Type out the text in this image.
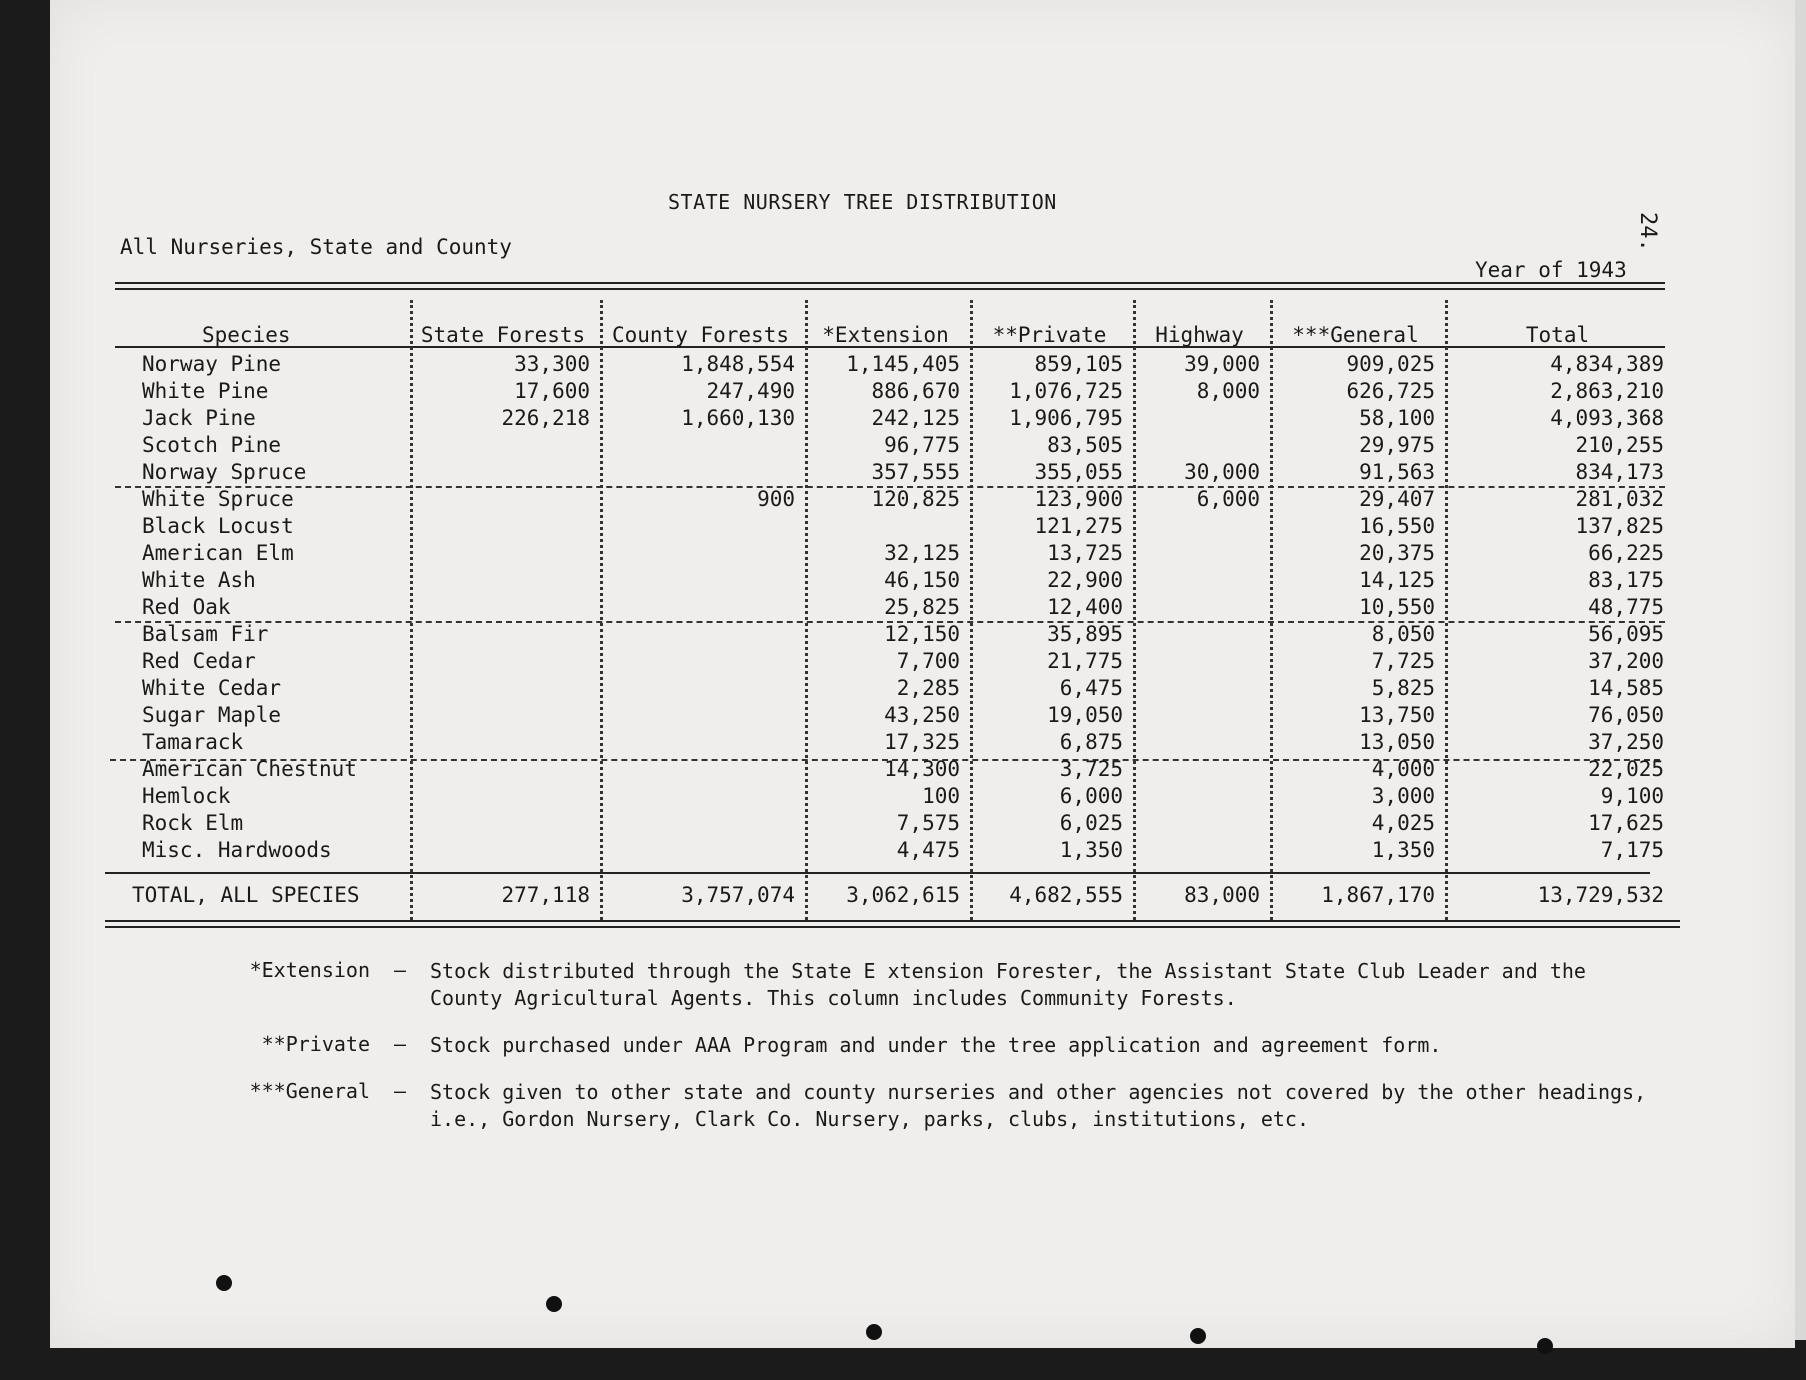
STATE NURSERY TREE DISTRIBUTION
All Nurseries, State and County
Year of 1943
24.
Species	State Forests	County Forests	*Extension	**Private	Highway	***General	Total
Norway Pine	33,300	1,848,554	1,145,405	859,105	39,000	909,025	4,834,389
White Pine	17,600	247,490	886,670	1,076,725	8,000	626,725	2,863,210
Jack Pine	226,218	1,660,130	242,125	1,906,795		58,100	4,093,368
Scotch Pine			96,775	83,505		29,975	210,255
Norway Spruce			357,555	355,055	30,000	91,563	834,173
White Spruce		900	120,825	123,900	6,000	29,407	281,032
Black Locust				121,275		16,550	137,825
American Elm			32,125	13,725		20,375	66,225
White Ash			46,150	22,900		14,125	83,175
Red Oak			25,825	12,400		10,550	48,775
Balsam Fir			12,150	35,895		8,050	56,095
Red Cedar			7,700	21,775		7,725	37,200
White Cedar			2,285	6,475		5,825	14,585
Sugar Maple			43,250	19,050		13,750	76,050
Tamarack			17,325	6,875		13,050	37,250
American Chestnut			14,300	3,725		4,000	22,025
Hemlock			100	6,000		3,000	9,100
Rock Elm			7,575	6,025		4,025	17,625
Misc. Hardwoods			4,475	1,350		1,350	7,175
TOTAL, ALL SPECIES	277,118	3,757,074	3,062,615	4,682,555	83,000	1,867,170	13,729,532
*Extension	–	Stock distributed through the State E xtension Forester, the Assistant State Club Leader and the County Agricultural Agents. This column includes Community Forests.
**Private	–	Stock purchased under AAA Program and under the tree application and agreement form.
***General	–	Stock given to other state and county nurseries and other agencies not covered by the other headings, i.e., Gordon Nursery, Clark Co. Nursery, parks, clubs, institutions, etc.
